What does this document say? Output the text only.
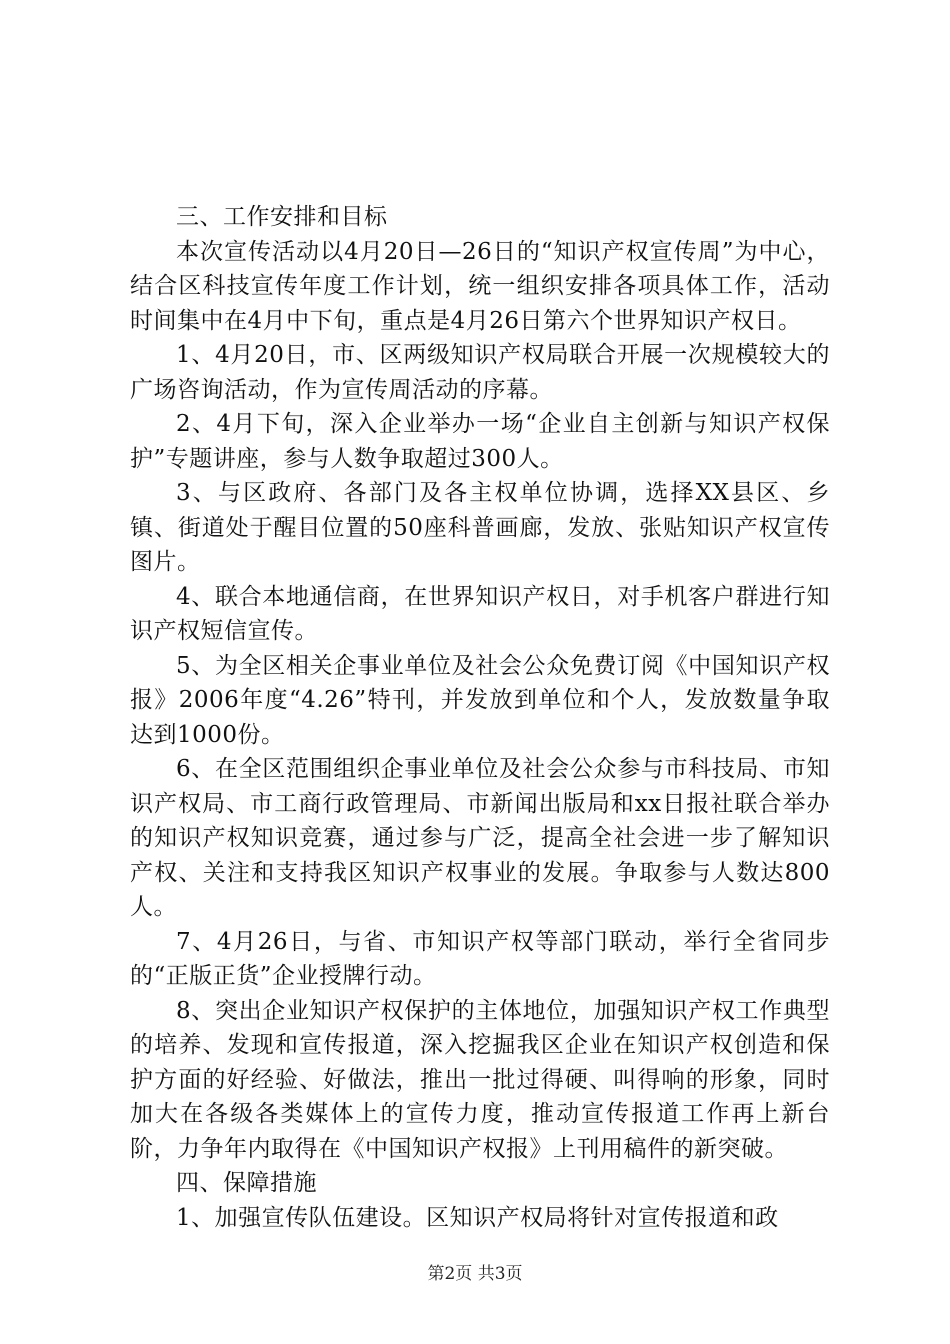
三、工作安排和目标

本次宣传活动以4月20日—26日的“知识产权宣传周”为中心，结合区科技宣传年度工作计划，统一组织安排各项具体工作，活动时间集中在4月中下旬，重点是4月26日第六个世界知识产权日。

1、4月20日，市、区两级知识产权局联合开展一次规模较大的广场咨询活动，作为宣传周活动的序幕。

2、4月下旬，深入企业举办一场“企业自主创新与知识产权保护”专题讲座，参与人数争取超过300人。

3、与区政府、各部门及各主权单位协调，选择XX县区、乡镇、街道处于醒目位置的50座科普画廊，发放、张贴知识产权宣传图片。

4、联合本地通信商，在世界知识产权日，对手机客户群进行知识产权短信宣传。

5、为全区相关企事业单位及社会公众免费订阅《中国知识产权报》2006年度“4.26”特刊，并发放到单位和个人，发放数量争取达到1000份。

6、在全区范围组织企事业单位及社会公众参与市科技局、市知识产权局、市工商行政管理局、市新闻出版局和xx日报社联合举办的知识产权知识竞赛，通过参与广泛，提高全社会进一步了解知识产权、关注和支持我区知识产权事业的发展。争取参与人数达800人。

7、4月26日，与省、市知识产权等部门联动，举行全省同步的“正版正货”企业授牌行动。

8、突出企业知识产权保护的主体地位，加强知识产权工作典型的培养、发现和宣传报道，深入挖掘我区企业在知识产权创造和保护方面的好经验、好做法，推出一批过得硬、叫得响的形象，同时加大在各级各类媒体上的宣传力度，推动宣传报道工作再上新台阶，力争年内取得在《中国知识产权报》上刊用稿件的新突破。

四、保障措施

1、加强宣传队伍建设。区知识产权局将针对宣传报道和政

第2页 共3页
